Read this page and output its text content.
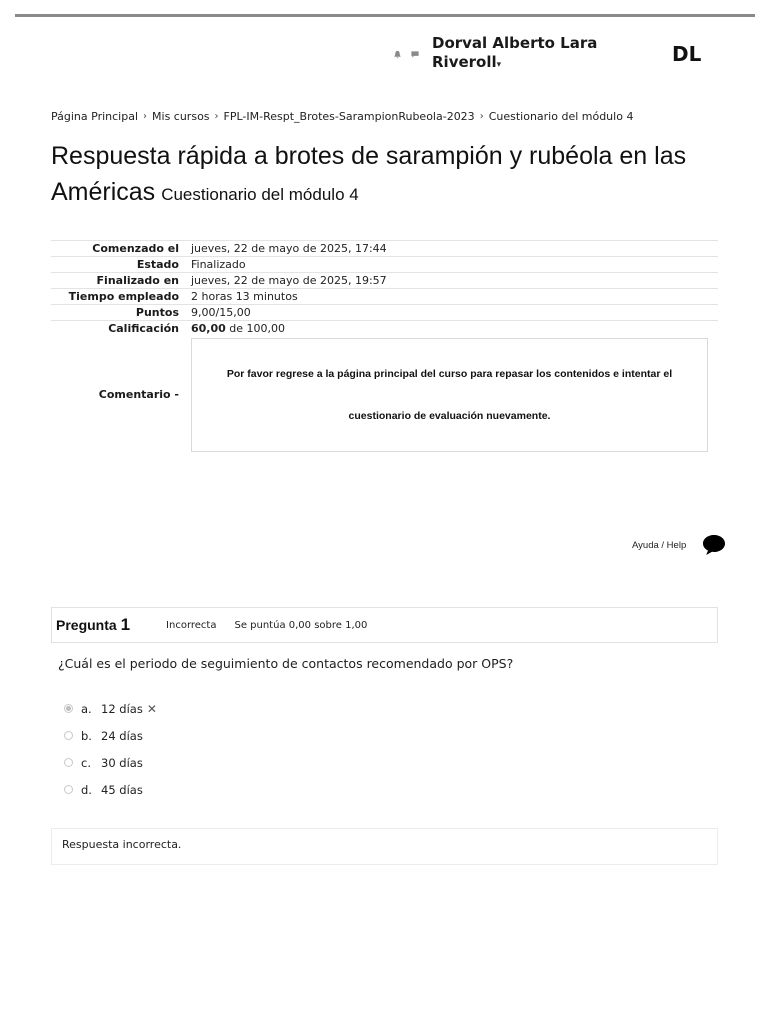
Dorval Alberto Lara Riveroll▾	DL
Página Principal › Mis cursos › FPL-IM-Respt_Brotes-SarampionRubeola-2023 › Cuestionario del módulo 4
Respuesta rápida a brotes de sarampión y rubéola en las Américas Cuestionario del módulo 4
Comenzado el	jueves, 22 de mayo de 2025, 17:44
Estado	Finalizado
Finalizado en	jueves, 22 de mayo de 2025, 19:57
Tiempo empleado	2 horas 13 minutos
Puntos	9,00/15,00
Calificación	60,00 de 100,00
Comentario -	Por favor regrese a la página principal del curso para repasar los contenidos e intentar el
cuestionario de evaluación nuevamente.
Ayuda / Help
Pregunta 1	Incorrecta Se puntúa 0,00 sobre 1,00
¿Cuál es el periodo de seguimiento de contactos recomendado por OPS?
a. 12 días ✕
b. 24 días
c. 30 días
d. 45 días
Respuesta incorrecta.
